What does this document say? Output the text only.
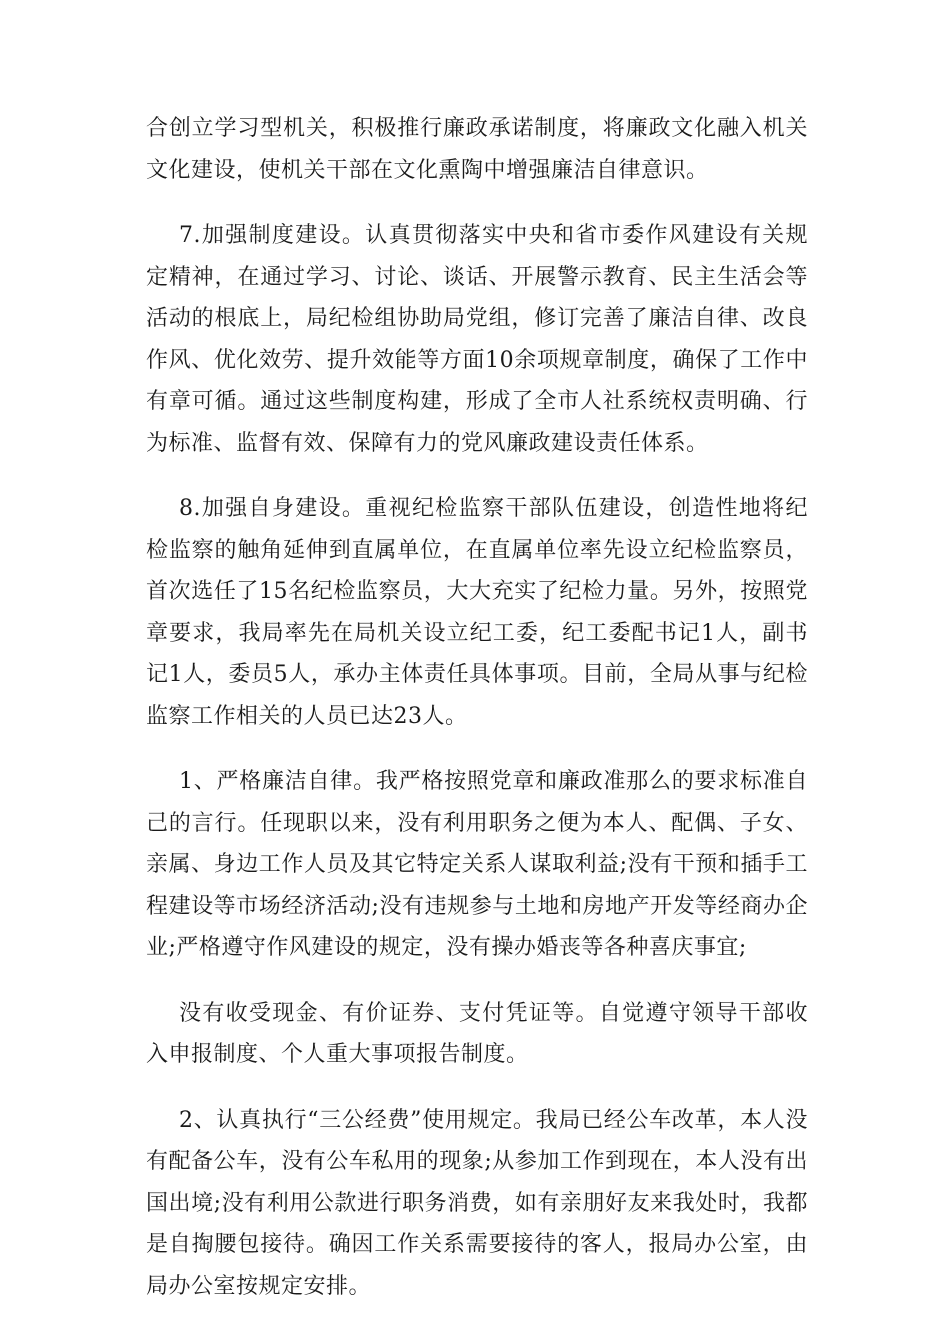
合创立学习型机关，积极推行廉政承诺制度，将廉政文化融入机关文化建设，使机关干部在文化熏陶中增强廉洁自律意识。

7.加强制度建设。认真贯彻落实中央和省市委作风建设有关规定精神，在通过学习、讨论、谈话、开展警示教育、民主生活会等活动的根底上，局纪检组协助局党组，修订完善了廉洁自律、改良作风、优化效劳、提升效能等方面10余项规章制度，确保了工作中有章可循。通过这些制度构建，形成了全市人社系统权责明确、行为标准、监督有效、保障有力的党风廉政建设责任体系。

8.加强自身建设。重视纪检监察干部队伍建设，创造性地将纪检监察的触角延伸到直属单位，在直属单位率先设立纪检监察员，首次选任了15名纪检监察员，大大充实了纪检力量。另外，按照党章要求，我局率先在局机关设立纪工委，纪工委配书记1人，副书记1人，委员5人，承办主体责任具体事项。目前，全局从事与纪检监察工作相关的人员已达23人。

1、严格廉洁自律。我严格按照党章和廉政准那么的要求标准自己的言行。任现职以来，没有利用职务之便为本人、配偶、子女、亲属、身边工作人员及其它特定关系人谋取利益;没有干预和插手工程建设等市场经济活动;没有违规参与土地和房地产开发等经商办企业;严格遵守作风建设的规定，没有操办婚丧等各种喜庆事宜;

没有收受现金、有价证券、支付凭证等。自觉遵守领导干部收入申报制度、个人重大事项报告制度。

2、认真执行“三公经费”使用规定。我局已经公车改革，本人没有配备公车，没有公车私用的现象;从参加工作到现在，本人没有出国出境;没有利用公款进行职务消费，如有亲朋好友来我处时，我都是自掏腰包接待。确因工作关系需要接待的客人，报局办公室，由局办公室按规定安排。
